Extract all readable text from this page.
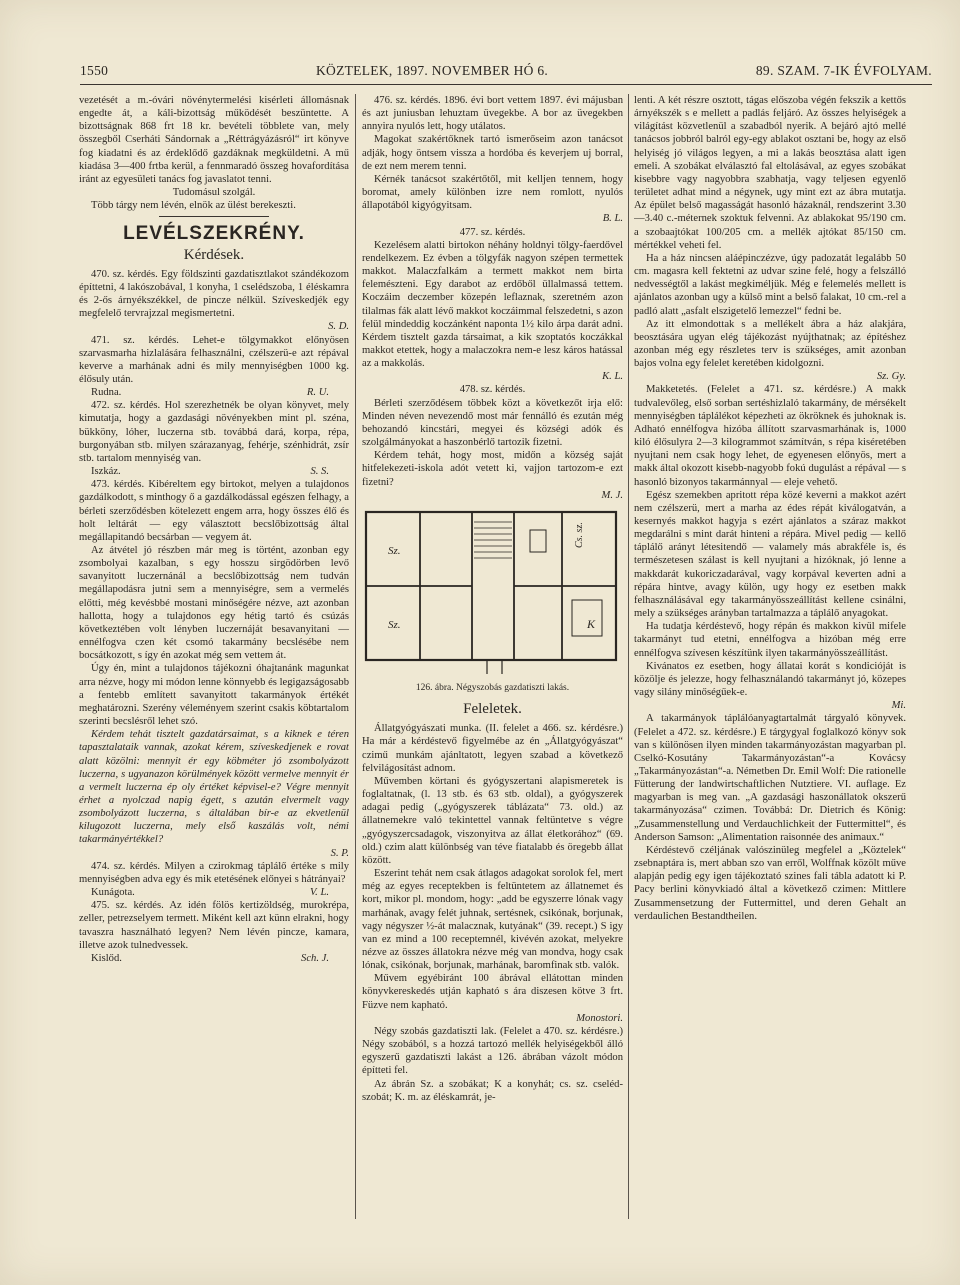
1550	KÖZTELEK, 1897. NOVEMBER HÓ 6.	89. SZAM. 7-IK ÉVFOLYAM.

vezetését a m.-óvári növénytermelési kisérleti állomásnak engedte át, a káli-bizottság működését beszüntette. A bizottságnak 868 frt 18 kr. bevételi többlete van, mely összegből Cserháti Sándornak a „Réttrágyázásról“ irt könyve fog kiadatni és az érdeklődő gazdáknak megküldetni. A mű kiadása 3—400 frtba kerül, a fennmaradó összeg hovafordítása iránt az egyesületi tanács fog javaslatot tenni.

Tudomásul szolgál.

Több tárgy nem lévén, elnök az ülést berekeszti.

LEVÉLSZEKRÉNY.
Kérdések.

470. sz. kérdés. Egy földszinti gazdatisztlakot szándékozom építtetni, 4 lakószobával, 1 konyha, 1 cselédszoba, 1 éléskamra és 2-ős árnyékszékkel, de pincze nélkül. Szíveskedjék egy megfelelő tervrajzzal megismertetni.

S. D.

471. sz. kérdés. Lehet-e tölgymakkot előnyösen szarvasmarha hizlalására felhasználni, czélszerü-e azt répával keverve a marhának adni és mily mennyiségben 1000 kg. élősuly után.

Rudna.	R. U.

472. sz. kérdés. Hol szerezhetnék be olyan könyvet, mely kimutatja, hogy a gazdasági növényekben mint pl. széna, bükköny, lóher, luczerna stb. továbbá dará, korpa, répa, burgonyában stb. milyen szárazanyag, fehérje, szénhidrát, zsír stb. tartalom mennyiség van.

Iszkáz.	S. S.

473. kérdés. Kibéreltem egy birtokot, melyen a tulajdonos gazdálkodott, s minthogy ő a gazdálkodással egészen felhagy, a bérleti szerződésben kötelezett engem arra, hogy összes élő és holt leltárát — egy választott becslőbizottság által megállapitandó becsárban — vegyem át.

Az átvétel jó részben már meg is történt, azonban egy zsombolyai kazalban, s egy hosszu sirgödörben levő savanyitott luczernánál a becslőbizottság nem tudván megállapodásra jutni sem a mennyiségre, sem a vermelés előtti, még kevésbbé mostani minőségére nézve, azt azonban hallotta, hogy a tulajdonos egy hétig tartó és csúzás következtében volt lényben luczernáját besavanyitani — ennélfogva czen két csomó takarmány becslésébe nem bocsátkozott, s így én azokat még sem vettem át.

Úgy én, mint a tulajdonos tájékozni óhajtanánk magunkat arra nézve, hogy mi módon lenne könnyebb és legigazságosabb a fentebb említett savanyitott takarmányok értékét meghatározni. Szerény véleményem szerint csakis köbtartalom szerinti becslésről lehet szó.

Kérdem tehát tisztelt gazdatársaimat, s a kiknek e téren tapasztalataik vannak, azokat kérem, szíveskedjenek e rovat alatt közölni: mennyit ér egy köbméter jó zsombolyázott luczerna, s ugyanazon körülmények között vermelve mennyit ér a vermelt luczerna ép oly értéket képvisel-e? Végre mennyit érhet a nyolczad napig égett, s azután elvermelt vagy zsombolyázott luczerna, s általában bír-e az ekvetlenül kilugozott luczerna, mely első kaszálás volt, némi takarmányértékkel?

S. P.

474. sz. kérdés. Milyen a czirokmag táplálő értéke s mily mennyiségben adva egy és mik etetésének előnyei s hátrányai?

Kunágota.	V. L.

475. sz. kérdés. Az idén fölös kertizöldség, murokrépa, zeller, petrezselyem termett. Miként kell azt künn elrakni, hogy tavaszra használható legyen? Nem lévén pincze, kamara, illetve azok tulnedvessek.

Kislőd.	Sch. J.

476. sz. kérdés. 1896. évi bort vettem 1897. évi májusban és azt juniusban lehuztam üvegekbe. A bor az üvegekben annyira nyulós lett, hogy utálatos.

Magokat szakértőknek tartó ismerőseim azon tanácsot adják, hogy öntsem vissza a hordóba és keverjem uj borral, de ezt nem merem tenni.

Kérnék tanácsot szakértőtől, mit kelljen tennem, hogy boromat, amely különben izre nem romlott, nyulós állapotából kigyógyitsam.

B. L.

477. sz. kérdés.

Kezelésem alatti birtokon néhány holdnyi tölgy-faerdővel rendelkezem. Ez évben a tölgyfák nagyon szépen termettek makkot. Malaczfalkám a termett makkot nem birta felemészteni. Egy darabot az erdőből üllalmassá tettem. Koczáim deczember közepén leflaznak, szeretném azon tilalmas fák alatt lévő makkot koczáimmal felszedetni, s azon felül mindeddig koczánként naponta 1½ kilo árpa darát adni. Kérdem tisztelt gazda társaimat, a kik szoptatós koczákkal makkot etettek, hogy a malaczokra nem-e lesz káros hatással az a makkolás.

K. L.

478. sz. kérdés.

Bérleti szerződésem többek közt a következőt irja elő: Minden néven nevezendő most már fennálló és ezután még behozandó kincstári, megyei és községi adók és szolgálmányokat a haszonbérlő tartozik fizetni.

Kérdem tehát, hogy most, midőn a község saját hitfelekezeti-iskola adót vetett ki, vajjon tartozom-e ezt fizetni?

M. J.
Sz.
Sz.	K
Cs. sz.
126. ábra. Négyszobás gazdatiszti lakás.
Feleletek.

Állatgyógyászati munka. (II. felelet a 466. sz. kérdésre.) Ha már a kérdéstevő figyelmébe az én „Állatgyógyászat“ czimű munkám ajánltatott, legyen szabad a következő felvilágosítást adnom.

Művemben körtani és gyógyszertani alapismeretek is foglaltatnak, (l. 13 stb. és 63 stb. oldal), a gyógyszerek adagai pedig („gyógyszerek táblázata“ 73. old.) az állatnemekre való tekintettel vannak feltüntetve s végre „gyógyszercsadagok, viszonyitva az állat életkorához“ (69. old.) czim alatt különbség van téve fiatalabb és öregebb állat között.

Eszerint tehát nem csak átlagos adagokat sorolok fel, mert még az egyes receptekben is feltüntetem az állatnemet és kort, mikor pl. mondom, hogy: „add be egyszerre lónak vagy marhának, avagy felét juhnak, sertésnek, csikónak, borjunak, vagy négyszer ½-át malacznak, kutyának“ (39. recept.) S igy van ez mind a 100 receptemnél, kivévén azokat, melyekre nézve az összes állatokra nézve még van mondva, hogy csak lónak, csikónak, borjunak, marhának, baromfinak stb. valók.

Művem egyébiránt 100 ábrával ellátottan minden könyvkereskedés utján kapható s ára diszesen kötve 3 frt. Füzve nem kapható.

Monostori.

Négy szobás gazdatiszti lak. (Felelet a 470. sz. kérdésre.) Négy szobából, s a hozzá tartozó mellék helyiségekből álló egyszerű gazdatiszti lakást a 126. ábrában vázolt módon építteti fel.

Az ábrán Sz. a szobákat; K a konyhát; cs. sz. cseléd-szobát; K. m. az éléskamrát, je-

lenti. A két részre osztott, tágas előszoba végén fekszik a kettős árnyékszék s e mellett a padlás feljáró. Az összes helyiségek a világítást közvetlenül a szabadból nyerik. A bejáró ajtó mellé tanácsos jobbról balról egy-egy ablakot osztani be, hogy az első helyiség jó világos legyen, a mi a lakás beosztása alatt igen emeli. A szobákat elválasztó fal eltolásával, az egyes szobákat kisebbre vagy nagyobbra szabhatja, vagy teljesen egyenlő területet adhat mind a négynek, ugy mint ezt az ábra mutatja. Az épület belső magasságát hasonló házaknál, rendszerint 3.30—3.40 c.-méternek szoktuk felvenni. Az ablakokat 95/190 cm. a szobaajtókat 100/205 cm. a mellék ajtókat 85/150 cm. mértékkel veheti fel.

Ha a ház nincsen aláépinczézve, úgy padozatát legalább 50 cm. magasra kell fektetni az udvar szine felé, hogy a felszálló nedvességtől a lakást megkiméljük. Még e felemelés mellett is ajánlatos azonban ugy a külső mint a belső falakat, 10 cm.-rel a padló alatt „asfalt elszigetelő lemezzel“ fedni be.

Az itt elmondottak s a mellékelt ábra a ház alakjára, beosztására ugyan elég tájékozást nyújthatnak; az építéshez azonban még egy részletes terv is szükséges, amit azonban bajos volna egy felelet keretében kidolgozni.

Sz. Gy.

Makketetés. (Felelet a 471. sz. kérdésre.) A makk tudvalevőleg, első sorban sertéshizlaló takarmány, de mérsékelt mennyiségben táplálékot képezheti az ökröknek és juhoknak is. Adható ennélfogva hizóba állított szarvasmarhának is, 1000 kiló élősulyra 2—3 kilogrammot számítván, s répa kiséretében nyujtani nem csak hogy lehet, de egyenesen előnyös, mert a makk által okozott kisebb-nagyobb fokú dugulást a répával — s hasonló bizonyos takarmánnyal — eleje vehető.

Egész szemekben apritott répa közé keverni a makkot azért nem czélszerü, mert a marha az édes répát kiválogatván, a kesernyés makkot hagyja s ezért ajánlatos a száraz makkot megdarálni s mint darát hinteni a répára. Mivel pedig — kellő táplálő arányt létesitendő — valamely más abrakféle is, és természetesen szálast is kell nyujtani a hizóknak, jó lenne a makkdarát kukoriczadarával, vagy korpával keverten adni a répára hintve, avagy külön, ugy hogy ez esetben makk felhasználásával egy takarmányösszeállítást kellene csinálni, mely a szükséges arányban tartalmazza a táplálő anyagokat.

Ha tudatja kérdéstevő, hogy répán és makkon kivül mifele takarmányt tud etetni, ennélfogva a hizóban még erre ennélfogva szívesen készítünk ilyen takarmányösszeállítást.

Kivánatos ez esetben, hogy állatai korát s kondicióját is közölje és jelezze, hogy felhasználandó takarmányt jó, közepes vagy silány minőségűek-e.

Mi.

A takarmányok táplálóanyagtartalmát tárgyaló könyvek. (Felelet a 472. sz. kérdésre.) E tárgygyal foglalkozó könyv sok van s különösen ilyen minden takarmányozástan magyarban pl. Cselkó-Kosutány Takarmányozástan“-a Kovácsy „Takarmányozástan“-a. Németben Dr. Emil Wolf: Die rationelle Fütterung der landwirtschaftlichen Nutztiere. VI. auflage. Ez magyarban is meg van. „A gazdasági haszonállatok okszerű takarmányozása“ czimen. Továbbá: Dr. Dietrich és König: „Zusammenstellung und Verdauchlichkeit der Futtermittel“, és Anderson Samson: „Alimentation raisonnée des animaux.“

Kérdéstevő czéljának valószinüleg megfelel a „Köztelek“ zsebnaptára is, mert abban szo van erről, Wolffnak közölt műve alapján pedig egy igen tájékoztató szines fali tábla adatott ki P. Pacy berlini könyvkiadó által a következő czimen: Mittlere Zusammensetzung der Futtermittel, und deren Gehalt an verdaulichen Bestandtheilen.
